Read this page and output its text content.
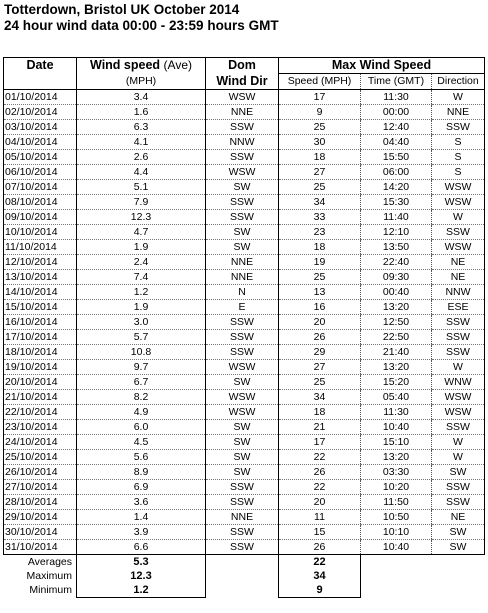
Totterdown, Bristol UK October 2014
24 hour wind data 00:00 - 23:59 hours GMT
Date	Wind speed (Ave)	Dom	Max Wind Speed		
	(MPH)	Wind Dir	Speed (MPH)	Time (GMT)	Direction
01/10/2014	3.4	WSW	17	11:30	W
02/10/2014	1.6	NNE	9	00:00	NNE
03/10/2014	6.3	SSW	25	12:40	SSW
04/10/2014	4.1	NNW	30	04:40	S
05/10/2014	2.6	SSW	18	15:50	S
06/10/2014	4.4	WSW	27	06:00	S
07/10/2014	5.1	SW	25	14:20	WSW
08/10/2014	7.9	SSW	34	15:30	WSW
09/10/2014	12.3	SSW	33	11:40	W
10/10/2014	4.7	SW	23	12:10	SSW
11/10/2014	1.9	SW	18	13:50	WSW
12/10/2014	2.4	NNE	19	22:40	NE
13/10/2014	7.4	NNE	25	09:30	NE
14/10/2014	1.2	N	13	00:40	NNW
15/10/2014	1.9	E	16	13:20	ESE
16/10/2014	3.0	SSW	20	12:50	SSW
17/10/2014	5.7	SSW	26	22:50	SSW
18/10/2014	10.8	SSW	29	21:40	SSW
19/10/2014	9.7	WSW	27	13:20	W
20/10/2014	6.7	SW	25	15:20	WNW
21/10/2014	8.2	WSW	34	05:40	WSW
22/10/2014	4.9	WSW	18	11:30	WSW
23/10/2014	6.0	SW	21	10:40	SSW
24/10/2014	4.5	SW	17	15:10	W
25/10/2014	5.6	SW	22	13:20	W
26/10/2014	8.9	SW	26	03:30	SW
27/10/2014	6.9	SSW	22	10:20	SSW
28/10/2014	3.6	SSW	20	11:50	SSW
29/10/2014	1.4	NNE	11	10:50	NE
30/10/2014	3.9	SSW	15	10:10	SW
31/10/2014	6.6	SSW	26	10:40	SW
Averages	5.3		22		
Maximum	12.3		34		
Minimum	1.2		9		
